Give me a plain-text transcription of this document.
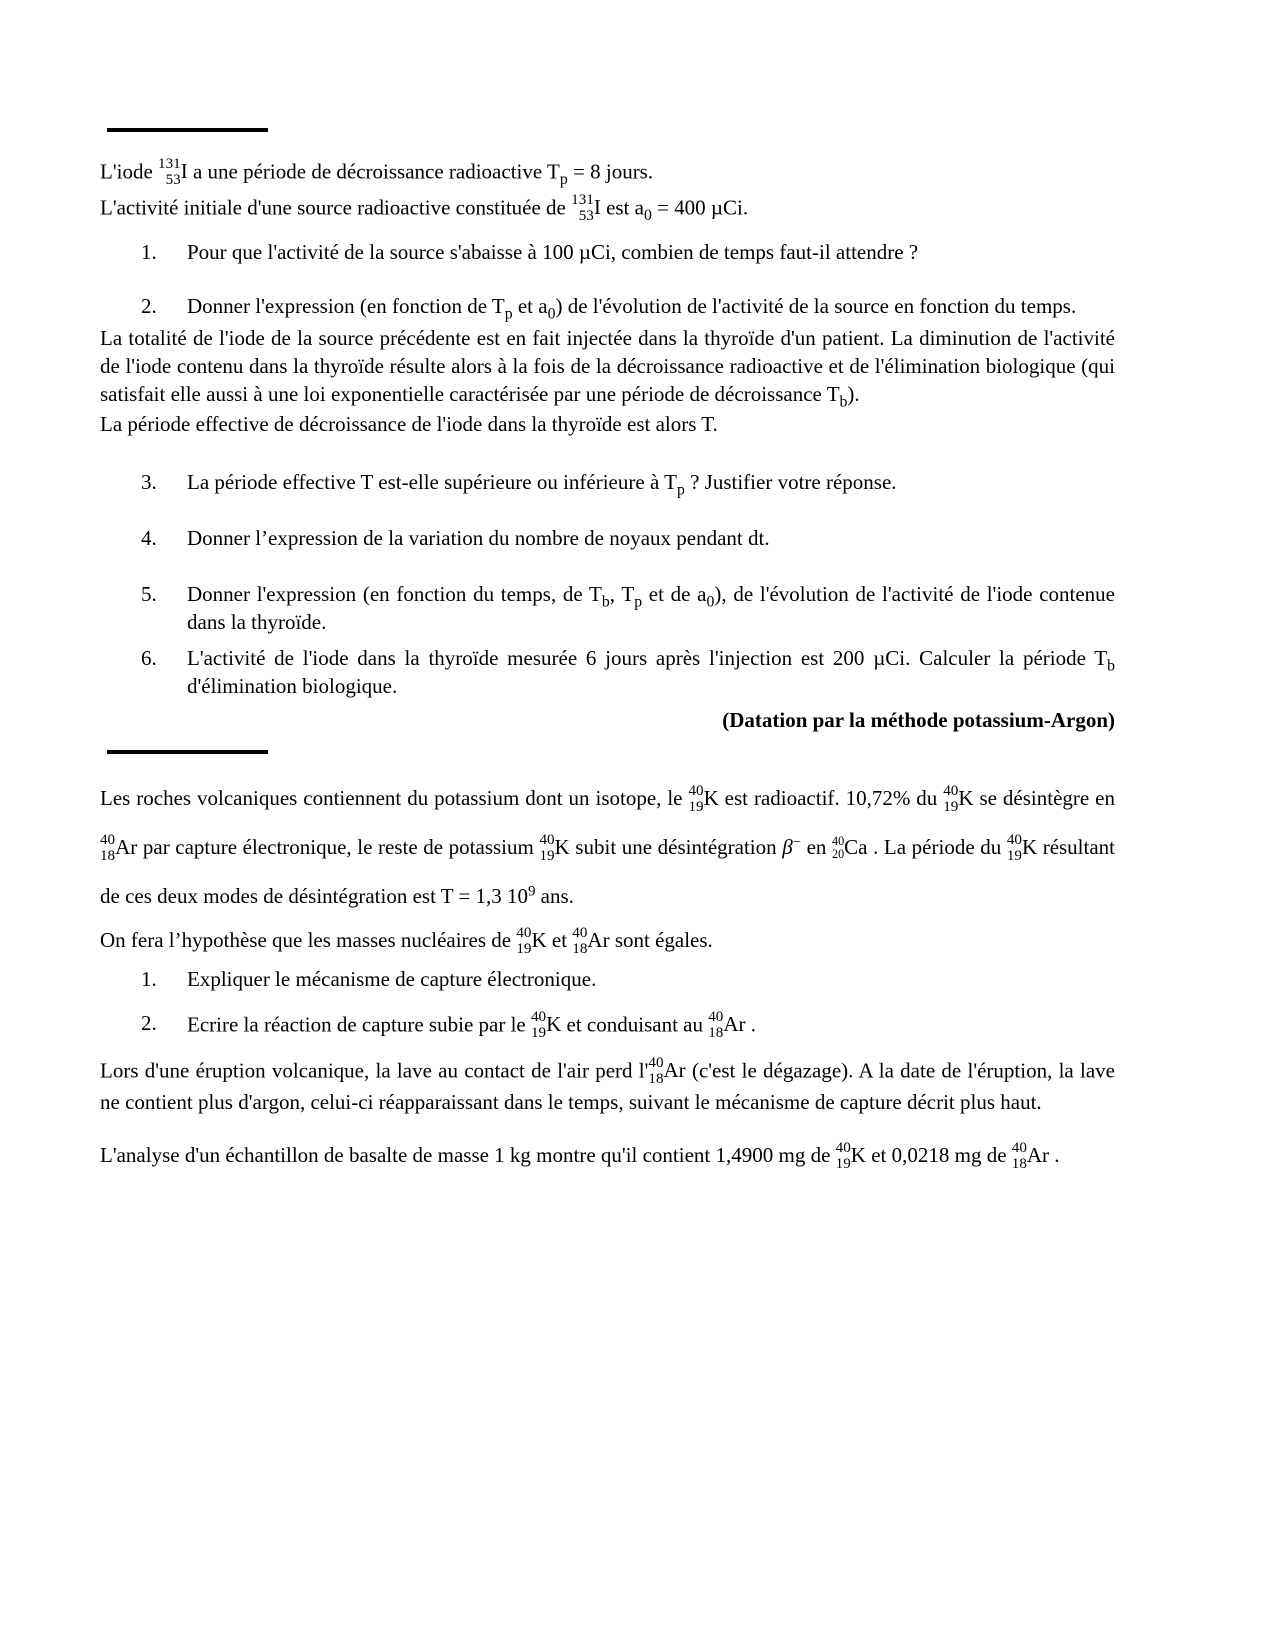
L'iode 131
53 I a une période de décroissance radioactive $T_p = 8$ jours.

L'activité initiale d'une source radioactive constituée de 131
53 I est $a_0 = 400$ µCi.

1.	Pour que l'activité de la source s'abaisse à 100 µCi, combien de temps faut-il attendre ?
2.	Donner l'expression (en fonction de $T_p$ et $a_0$) de l'évolution de l'activité de la source en fonction du temps.

La totalité de l'iode de la source précédente est en fait injectée dans la thyroïde d'un patient. La diminution de l'activité de l'iode contenu dans la thyroïde résulte alors à la fois de la décroissance radioactive et de l'élimination biologique (qui satisfait elle aussi à une loi exponentielle caractérisée par une période de décroissance $T_b$).

La période effective de décroissance de l'iode dans la thyroïde est alors T.

3.	La période effective T est-elle supérieure ou inférieure à $T_p$ ? Justifier votre réponse.
4.	Donner l’expression de la variation du nombre de noyaux pendant dt.
5.	Donner l'expression (en fonction du temps, de $T_b$, $T_p$ et de $a_0$), de l'évolution de l'activité de l'iode contenue dans la thyroïde.
6.	L'activité de l'iode dans la thyroïde mesurée 6 jours après l'injection est 200 µCi. Calculer la période $T_b$ d'élimination biologique.

(Datation par la méthode potassium-Argon)

Les roches volcaniques contiennent du potassium dont un isotope, le 40
19 K est radioactif. 10,72% du 40
19 K se désintègre en
40
18 Ar par capture électronique, le reste de potassium 40
19 K subit une désintégration β− en 40
20 Ca . La période du 40
19 K résultant de ces deux modes de désintégration est T = 1,3 $10^9$ ans.

On fera l’hypothèse que les masses nucléaires de 40
19 K et 40
18 Ar sont égales.

1.	Expliquer le mécanisme de capture électronique.
2.	Ecrire la réaction de capture subie par le 40
19 K et conduisant au 40
18 Ar .

Lors d'une éruption volcanique, la lave au contact de l'air perd l' 40
18 Ar (c'est le dégazage). A la date de l'éruption, la lave ne contient plus d'argon, celui-ci réapparaissant dans le temps, suivant le mécanisme de capture décrit plus haut.

L'analyse d'un échantillon de basalte de masse 1 kg montre qu'il contient 1,4900 mg de 40
19 K et 0,0218 mg de 40
18 Ar .
